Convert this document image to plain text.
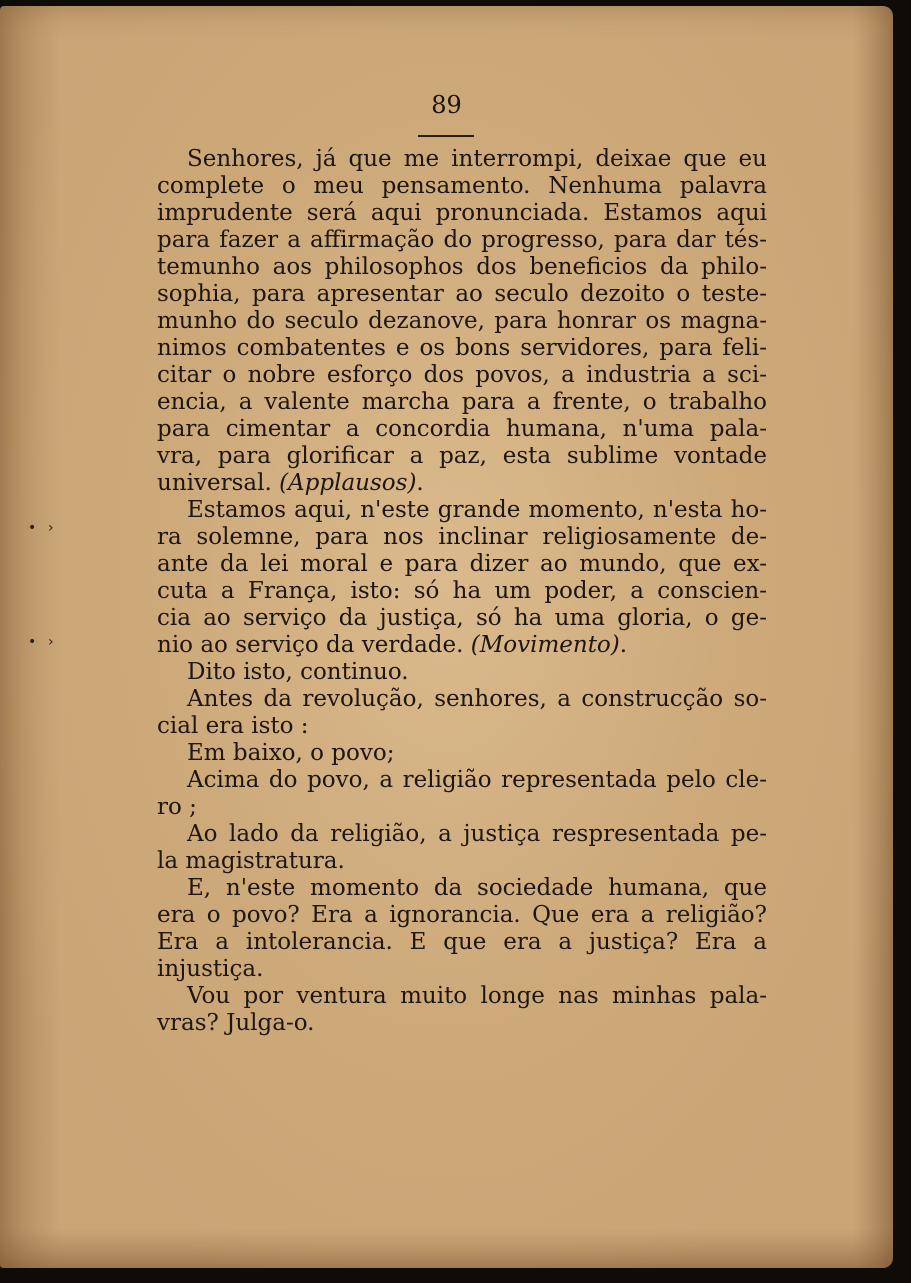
89
• ›
• ›
Senhores, já que me interrompi, deixae que eu
complete o meu pensamento. Nenhuma palavra
imprudente será aqui pronunciada. Estamos aqui
para fazer a affirmação do progresso, para dar tés-
temunho aos philosophos dos beneficios da philo-
sophia, para apresentar ao seculo dezoito o teste-
munho do seculo dezanove, para honrar os magna-
nimos combatentes e os bons servidores, para feli-
citar o nobre esforço dos povos, a industria a sci-
encia, a valente marcha para a frente, o trabalho
para cimentar a concordia humana, n'uma pala-
vra, para glorificar a paz, esta sublime vontade
universal. (Applausos).
Estamos aqui, n'este grande momento, n'esta ho-
ra solemne, para nos inclinar religiosamente de-
ante da lei moral e para dizer ao mundo, que ex-
cuta a França, isto: só ha um poder, a conscien-
cia ao serviço da justiça, só ha uma gloria, o ge-
nio ao serviço da verdade. (Movimento).
Dito isto, continuo.
Antes da revolução, senhores, a construcção so-
cial era isto :
Em baixo, o povo;
Acima do povo, a religião representada pelo cle-
ro ;
Ao lado da religião, a justiça respresentada pe-
la magistratura.
E, n'este momento da sociedade humana, que
era o povo? Era a ignorancia. Que era a religião?
Era a intolerancia. E que era a justiça? Era a
injustiça.
Vou por ventura muito longe nas minhas pala-
vras? Julga-o.
